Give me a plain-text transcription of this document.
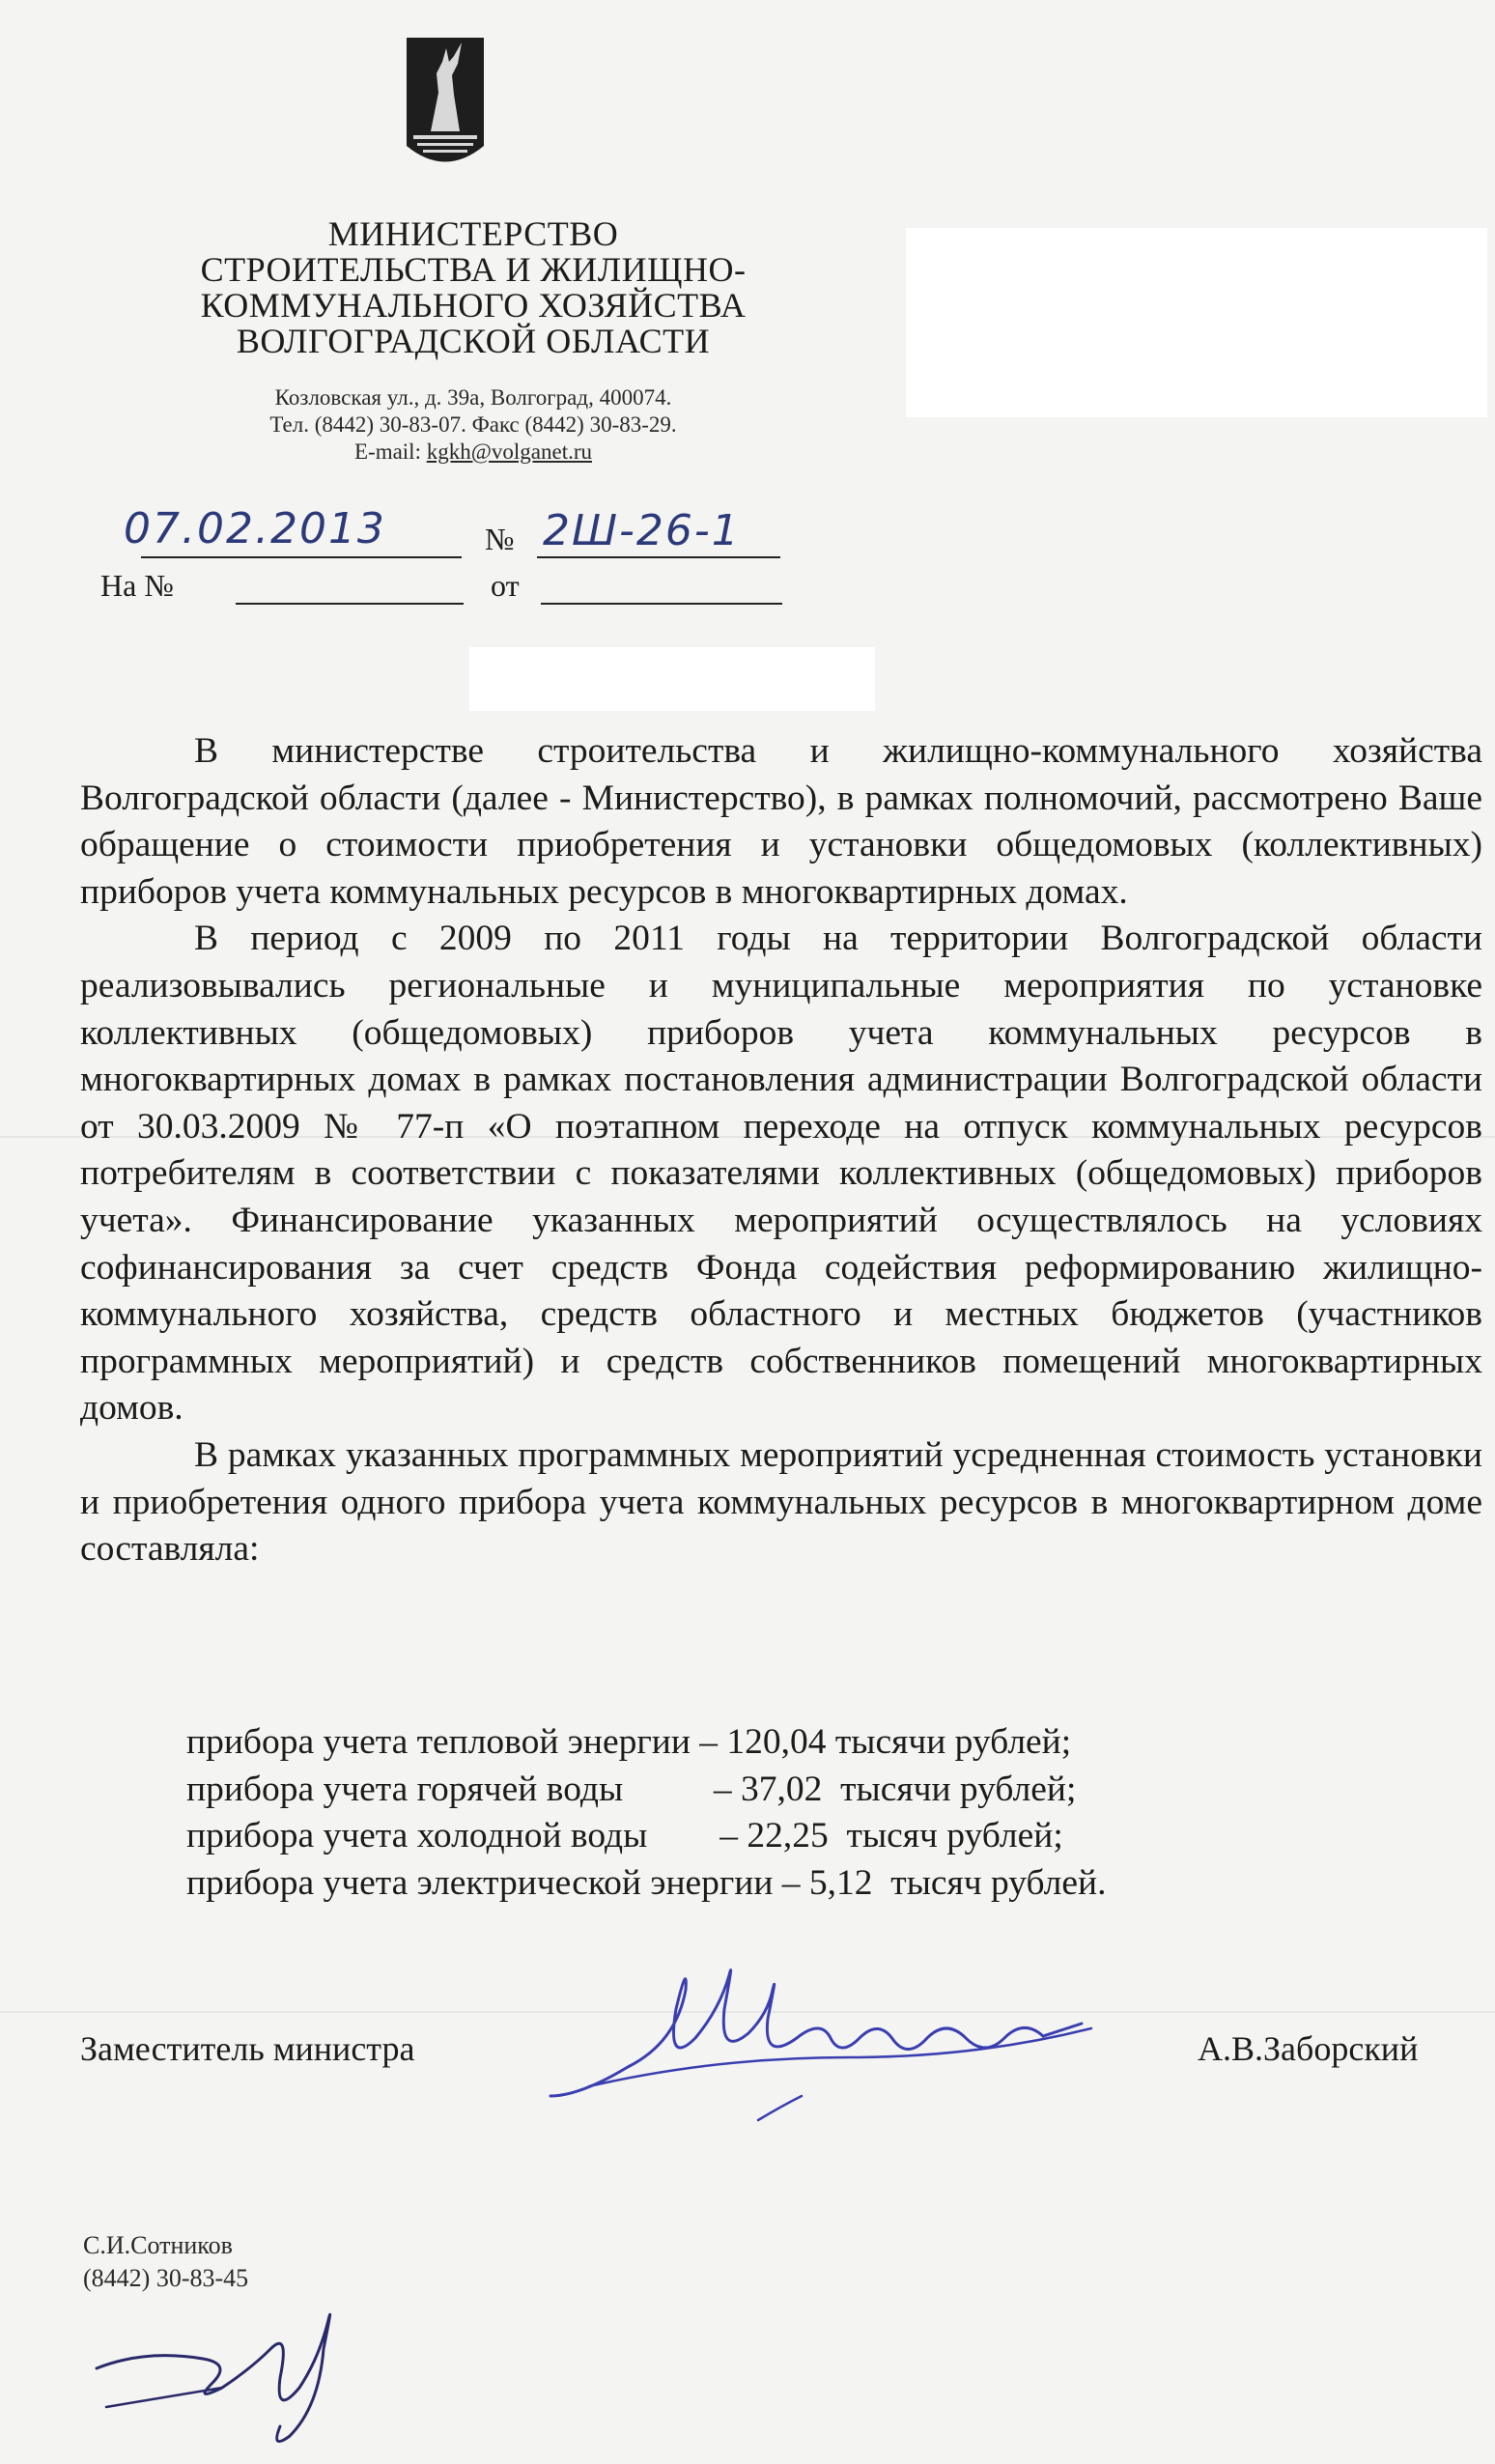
МИНИСТЕРСТВО
СТРОИТЕЛЬСТВА И ЖИЛИЩНО-
КОММУНАЛЬНОГО ХОЗЯЙСТВА
ВОЛГОГРАДСКОЙ ОБЛАСТИ
Козловская ул., д. 39а, Волгоград, 400074.
Тел. (8442) 30-83-07. Факс (8442) 30-83-29.
E-mail: kgkh@volganet.ru
07.02.2013	№ 2Ш-26-1
На №	от

В министерстве строительства и жилищно-коммунального хозяйства Волгоградской области (далее - Министерство), в рамках полномочий, рассмотрено Ваше обращение о стоимости приобретения и установки общедомовых (коллективных) приборов учета коммунальных ресурсов в многоквартирных домах.

В период с 2009 по 2011 годы на территории Волгоградской области реализовывались региональные и муниципальные мероприятия по установке коллективных (общедомовых) приборов учета коммунальных ресурсов в многоквартирных домах в рамках постановления администрации Волгоградской области от 30.03.2009 № 77-п «О поэтапном переходе на отпуск коммунальных ресурсов потребителям в соответствии с показателями коллективных (общедомовых) приборов учета». Финансирование указанных мероприятий осуществлялось на условиях софинансирования за счет средств Фонда содействия реформированию жилищно-коммунального хозяйства, средств областного и местных бюджетов (участников программных мероприятий) и средств собственников помещений многоквартирных домов.

В рамках указанных программных мероприятий усредненная стоимость установки и приобретения одного прибора учета коммунальных ресурсов в многоквартирном доме составляла:

прибора учета тепловой энергии – 120,04 тысячи рублей;
прибора учета горячей воды          – 37,02  тысячи рублей;
прибора учета холодной воды        – 22,25  тысяч рублей;
прибора учета электрической энергии – 5,12  тысяч рублей.
Заместитель министра	А.В.Заборский
С.И.Сотников
(8442) 30-83-45
